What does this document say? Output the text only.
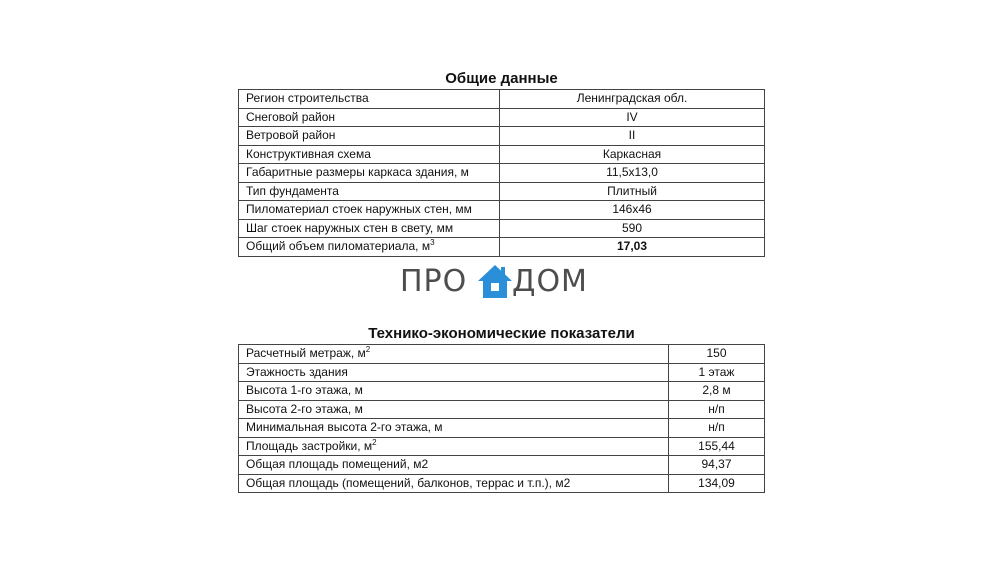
Общие данные
Регион строительства	Ленинградская обл.
Снеговой район	IV
Ветровой район	II
Конструктивная схема	Каркасная
Габаритные размеры каркаса здания, м	11,5х13,0
Тип фундамента	Плитный
Пиломатериал стоек наружных стен, мм	146х46
Шаг стоек наружных стен в свету, мм	590
Общий объем пиломатериала, $м^3$	17,03
ПРО РЕМ ДОМ
Технико-экономические показатели
Расчетный метраж, $м^2$	150
Этажность здания	1 этаж
Высота 1-го этажа, м	2,8 м
Высота 2-го этажа, м	н/п
Минимальная высота 2-го этажа, м	н/п
Площадь застройки, $м^2$	155,44
Общая площадь помещений, м2	94,37
Общая площадь (помещений, балконов, террас и т.п.), м2	134,09
